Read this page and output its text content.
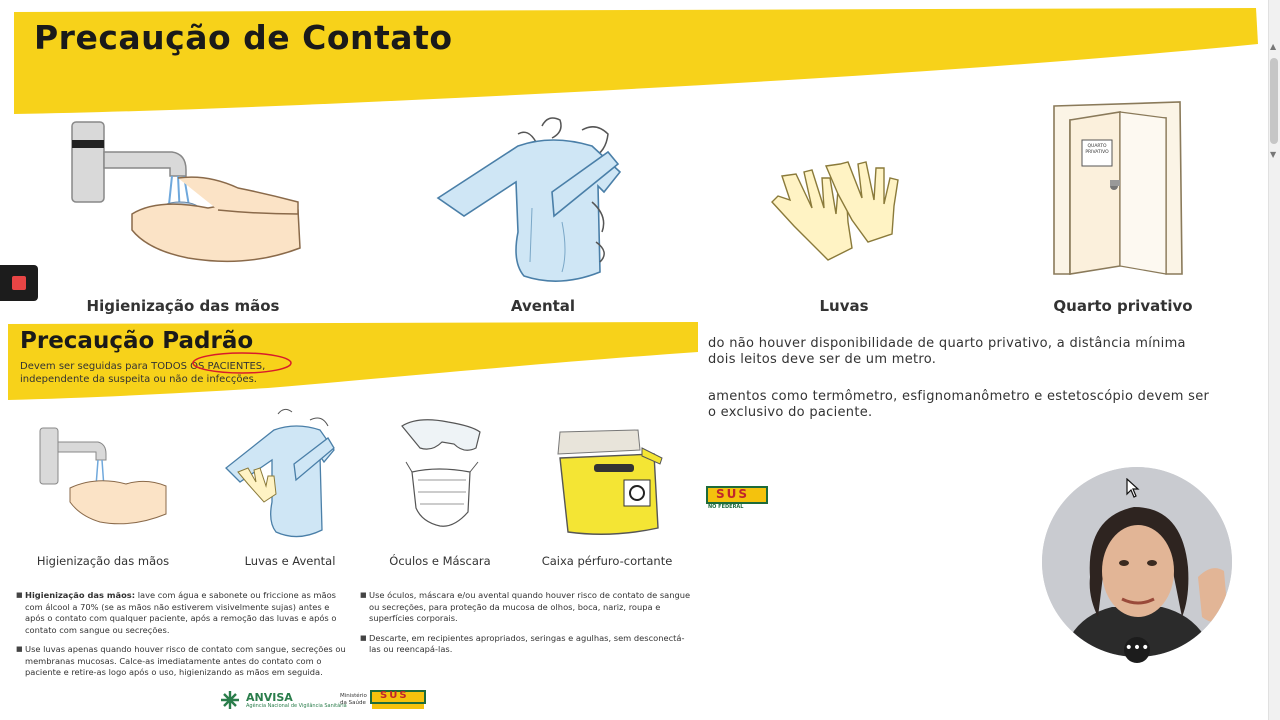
Precaução de Contato
Higienização das mãos	Avental	Luvas
QUARTO PRIVATIVO
Quarto privativo
do não houver disponibilidade de quarto privativo, a distância mínima
dois leitos deve ser de um metro.
amentos como termômetro, esfignomanômetro e estetoscópio devem ser
o exclusivo do paciente.
SUS
NO FEDERAL
Precaução Padrão
Devem ser seguidas para TODOS OS PACIENTES,
independente da suspeita ou não de infecções.
Higienização das mãos	Luvas e Avental	Óculos e Máscara	Caixa pérfuro-cortante
■ Higienização das mãos: lave com água e sabonete ou friccione as mãos com álcool a 70% (se as mãos não estiverem visivelmente sujas) antes e após o contato com qualquer paciente, após a remoção das luvas e após o contato com sangue ou secreções.
■ Use luvas apenas quando houver risco de contato com sangue, secreções ou membranas mucosas. Calce-as imediatamente antes do contato com o paciente e retire-as logo após o uso, higienizando as mãos em seguida.
■ Use óculos, máscara e/ou avental quando houver risco de contato de sangue ou secreções, para proteção da mucosa de olhos, boca, nariz, roupa e superfícies corporais.
■ Descarte, em recipientes apropriados, seringas e agulhas, sem desconectá-las ou reencapá-las.
ANVISA
Agência Nacional de Vigilância Sanitária
Ministério da Saúde
SUS
▲
▼
•••
